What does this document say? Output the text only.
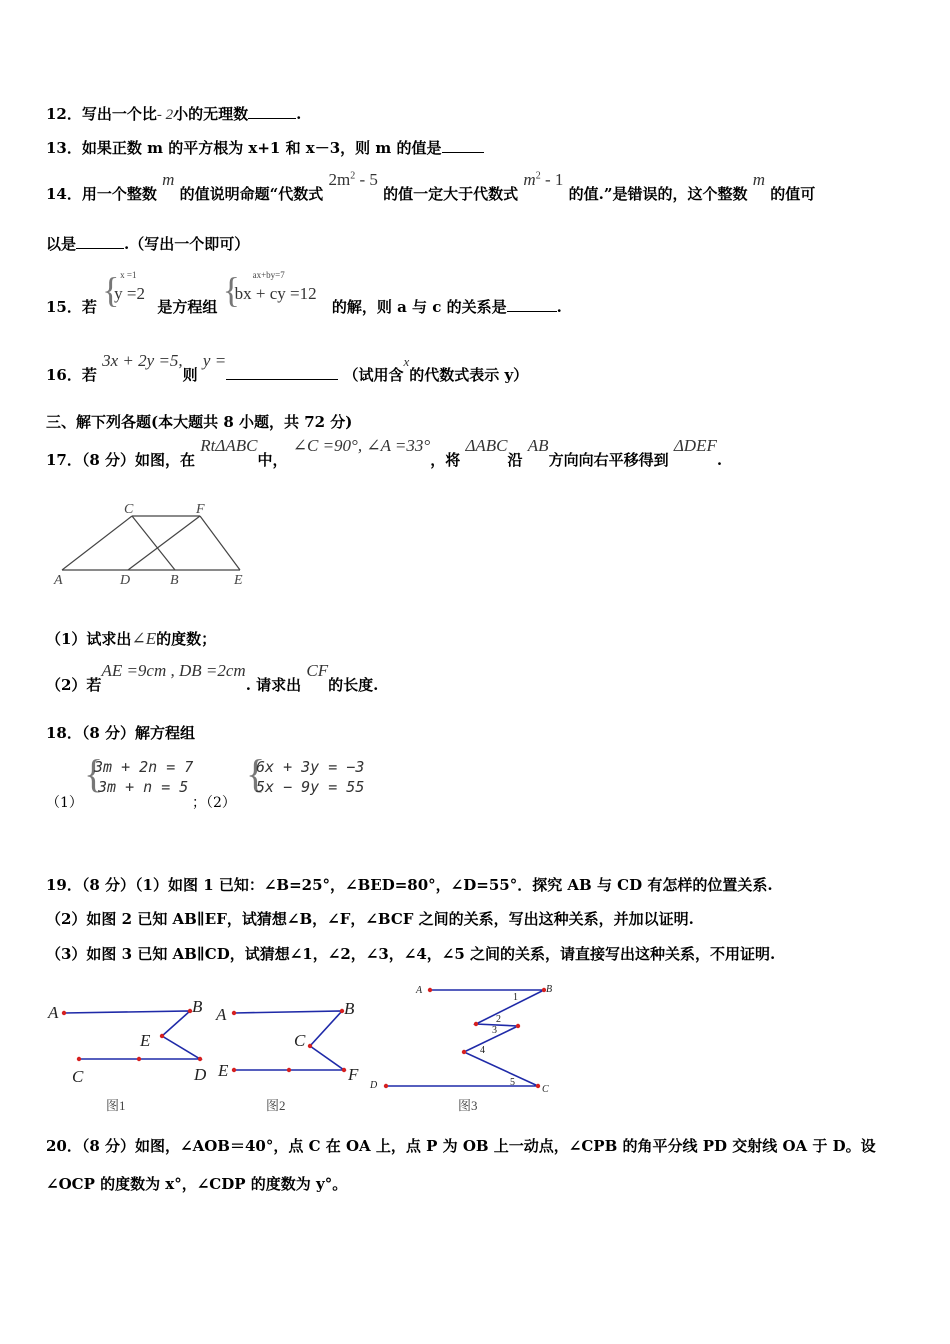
12．写出一个比- 2小的无理数	.
13．如果正数 m 的平方根为 x+1 和 x－3，则 m 的值是
14．用一个整数 m 的值说明命题“代数式 $2m^2 - 5$ 的值一定大于代数式 $m^2 - 1$ 的值.”是错误的，这个整数 m 的值可
以是	.（写出一个即可）
15．若 { x =1
y =2
是方程组 { ax+by=7
bx + cy =12
的解，则 a 与 c 的关系是	.
16．若 3x + 2y =5,则 y = （试用含x的代数式表示 y）
三、解下列各题(本大题共 8 小题，共 72 分)
17．（8 分）如图，在 RtΔABC中， ∠C =90°, ∠A =33°，将 ΔABC沿 AB方向向右平移得到 ΔDEF.
C	F
A	D	B	E
（1）试求出∠E的度数；
（2）若AE =9cm , DB =2cm. 请求出 CF的长度.
18．（8 分）解方程组
（1）
{
3m + 2n = 7
3m + n = 5
；（2）
{
6x + 3y = −3
5x − 9y = 55
19．（8 分）（1）如图 1 已知：∠B=25°，∠BED=80°，∠D=55°．探究 AB 与 CD 有怎样的位置关系.
（2）如图 2 已知 AB∥EF，试猜想∠B，∠F，∠BCF 之间的关系，写出这种关系，并加以证明.
（3）如图 3 已知 AB∥CD，试猜想∠1，∠2，∠3，∠4，∠5 之间的关系，请直接写出这种关系，不用证明.
A	B
E
C	D
图1
A	B
C
E	F
图2
A	B
1
2
3
4
5
D	C
图3
20．（8 分）如图，∠AOB＝40°，点 C 在 OA 上，点 P 为 OB 上一动点，∠CPB 的角平分线 PD 交射线 OA 于 D。设
∠OCP 的度数为 x°，∠CDP 的度数为 y°。
